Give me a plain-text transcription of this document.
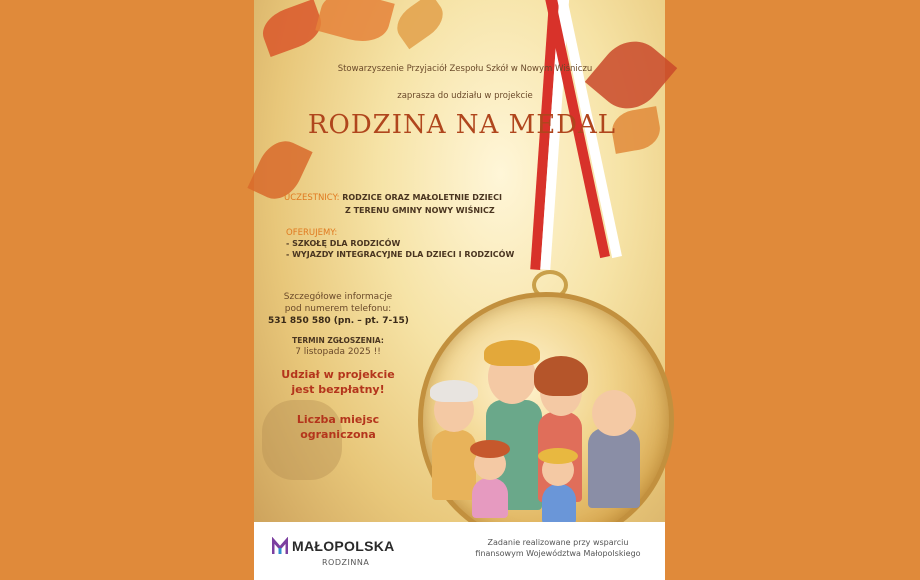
Stowarzyszenie Przyjaciół Zespołu Szkół w Nowym Wiśniczu
zaprasza do udziału w projekcie
RODZINA NA MEDAL
UCZESTNICY: RODZICE ORAZ MAŁOLETNIE DZIECI
Z TERENU GMINY NOWY WIŚNICZ
OFERUJEMY:
- SZKOŁĘ DLA RODZICÓW
- WYJAZDY INTEGRACYJNE DLA DZIECI I RODZICÓW
Szczegółowe informacje
pod numerem telefonu:
531 850 580 (pn. – pt. 7-15)
TERMIN ZGŁOSZENIA:
7 listopada 2025 !!
Udział w projekcie
jest bezpłatny!
Liczba miejsc
ograniczona
MAŁOPOLSKA
RODZINNA
Zadanie realizowane przy wsparciu
finansowym Województwa Małopolskiego
